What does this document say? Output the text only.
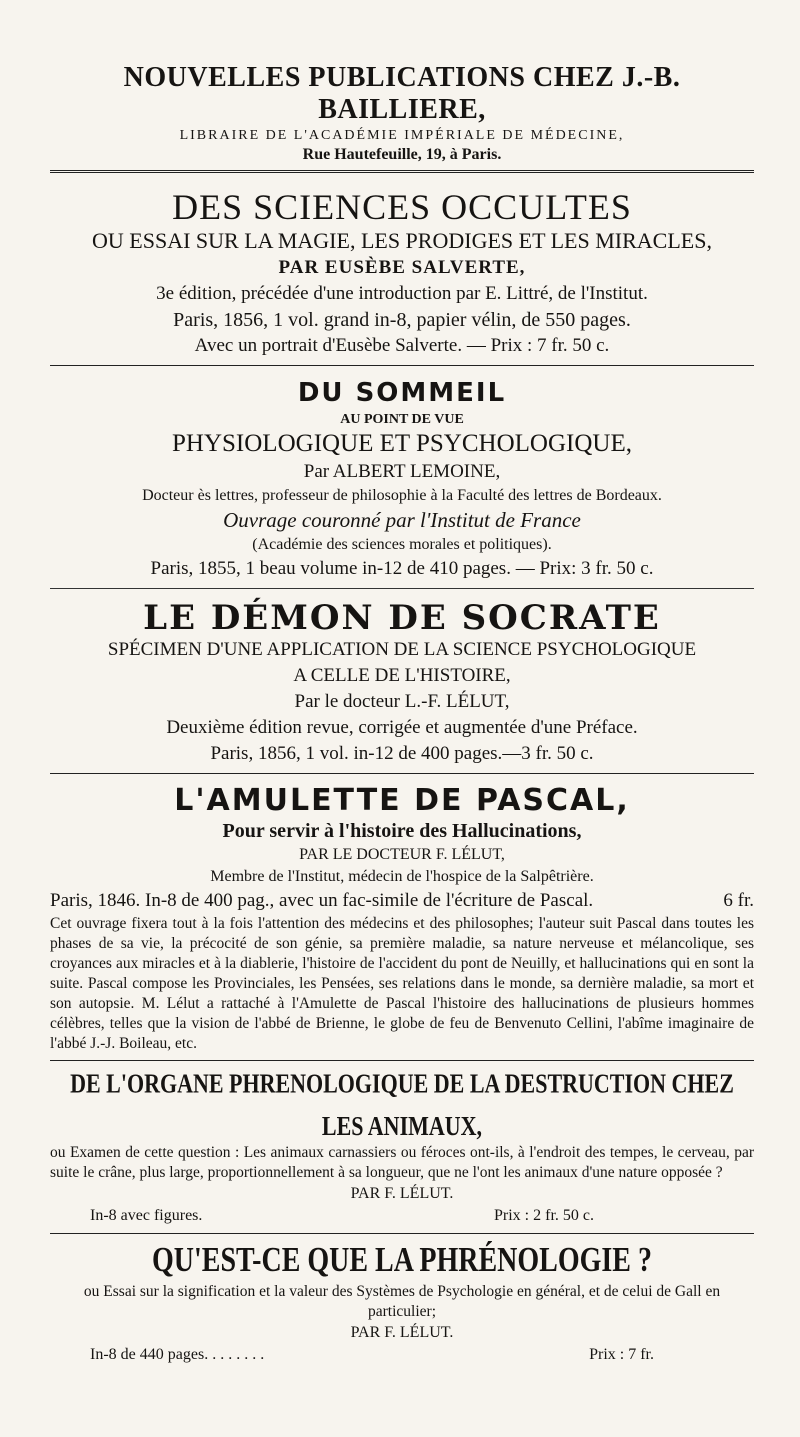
NOUVELLES PUBLICATIONS CHEZ J.-B. BAILLIERE,
LIBRAIRE DE L'ACADÉMIE IMPÉRIALE DE MÉDECINE,
Rue Hautefeuille, 19, à Paris.
DES SCIENCES OCCULTES
OU ESSAI SUR LA MAGIE, LES PRODIGES ET LES MIRACLES,
PAR EUSÈBE SALVERTE,
3e édition, précédée d'une introduction par E. Littré, de l'Institut.
Paris, 1856, 1 vol. grand in-8, papier vélin, de 550 pages.
Avec un portrait d'Eusèbe Salverte. — Prix : 7 fr. 50 c.
DU SOMMEIL
AU POINT DE VUE
PHYSIOLOGIQUE ET PSYCHOLOGIQUE,
Par ALBERT LEMOINE,
Docteur ès lettres, professeur de philosophie à la Faculté des lettres de Bordeaux.
Ouvrage couronné par l'Institut de France
(Académie des sciences morales et politiques).
Paris, 1855, 1 beau volume in-12 de 410 pages. — Prix: 3 fr. 50 c.
LE DÉMON DE SOCRATE
SPÉCIMEN D'UNE APPLICATION DE LA SCIENCE PSYCHOLOGIQUE
A CELLE DE L'HISTOIRE,
Par le docteur L.-F. LÉLUT,
Deuxième édition revue, corrigée et augmentée d'une Préface.
Paris, 1856, 1 vol. in-12 de 400 pages.—3 fr. 50 c.
L'AMULETTE DE PASCAL,
Pour servir à l'histoire des Hallucinations,
PAR LE DOCTEUR F. LÉLUT,
Membre de l'Institut, médecin de l'hospice de la Salpêtrière.
Paris, 1846. In-8 de 400 pag., avec un fac-simile de l'écriture de Pascal.	6 fr.
Cet ouvrage fixera tout à la fois l'attention des médecins et des philosophes; l'auteur suit Pascal dans toutes les phases de sa vie, la précocité de son génie, sa première maladie, sa nature nerveuse et mélancolique, ses croyances aux miracles et à la diablerie, l'histoire de l'accident du pont de Neuilly, et hallucinations qui en sont la suite. Pascal compose les Provinciales, les Pensées, ses relations dans le monde, sa dernière maladie, sa mort et son autopsie. M. Lélut a rattaché à l'Amulette de Pascal l'histoire des hallucinations de plusieurs hommes célèbres, telles que la vision de l'abbé de Brienne, le globe de feu de Benvenuto Cellini, l'abîme imaginaire de l'abbé J.-J. Boileau, etc.
DE L'ORGANE PHRENOLOGIQUE DE LA DESTRUCTION CHEZ LES ANIMAUX,
ou Examen de cette question : Les animaux carnassiers ou féroces ont-ils, à l'endroit des tempes, le cerveau, par suite le crâne, plus large, proportionnellement à sa longueur, que ne l'ont les animaux d'une nature opposée ?
PAR F. LÉLUT.
In-8 avec figures.	Prix : 2 fr. 50 c.
QU'EST-CE QUE LA PHRÉNOLOGIE ?
ou Essai sur la signification et la valeur des Systèmes de Psychologie en général, et de celui de Gall en particulier;
PAR F. LÉLUT.
In-8 de 440 pages. . . . . . . .	Prix : 7 fr.
